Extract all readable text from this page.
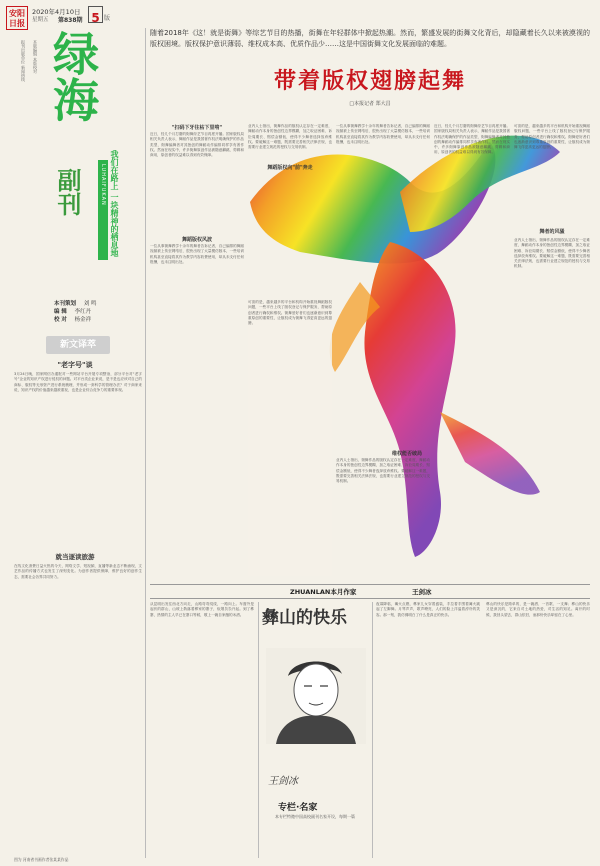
安阳日报
2020年4月10日
星期五 第838期 5 版
报刊出版单位 新闻热线
本版编辑 本版校对 绿海
副刊	LUHAIFUKAN 我们在路上 一块精神的栖息地
本刊策划 刘 鸣
编 辑 李红丹
校 对 杨金祥
新文译萃
"老字号"谈
3月24日晚，国家网信办通报对一些网站平台开展专项整治，部分平台对“老字号”企业的知识产权进行侵权的问题。对平台类企业来说，是不是也应该对自己的商标、版权等无形资产进行系统梳理，并形成一套科学的管理办法？对于商家来说，知识产权的价值越来越被重视，也是企业综合竞争力的重要体现。
就当逐读旅游
在线文化消费日益火热的今天，网络文学、短视频、直播等新业态不断涌现，文艺作品的传播方式也发生了深刻变化。为创作者提供保障，维护良好的创作生态，需要社会各界共同努力。
图为 河南省书画作者张某某作品
随着2018年《这！就是街舞》等综艺节目的热播，街舞在年轻群体中掀起热潮。然而，繁盛发展的街舞文化背后，却隐藏着长久以来被漠视的版权困境。版权保护意识薄弱、维权成本高、优质作品少……这是中国街舞文化发展面临的难题。
带着版权翅膀起舞
□本报记者 郑大昌
"扫码下牙往枯下里啃"
近日，经几个月打磨的街舞综艺节目再度开播。国家版权局相关负责人表示，舞蹈作品是我国著作权法明确保护的作品类型，街舞编舞者对其独创的舞蹈动作编排同样享有著作权。然而在现实中，许多街舞原创作品被随意翻跳、剪辑和商用，原创者的权益难以得到有效保障。
舞蹈版权风波
一位从事街舞教学十余年的舞者告诉记者，自己编排的舞蹈视频被上传至网络后，很快出现了大量模仿版本，一些培训机构甚至直接将其作为教学内容收费使用，却从未支付任何报酬，也未注明出处。
业内人士指出，街舞作品的版权认定存在一定难度，舞蹈动作本身的独创性边界模糊，加之取证困难、诉讼周期长、赔偿金额低，使得不少舞者选择放弃维权。要破解这一难题，既需要完善相关法律法规，也需要行业建立规范的授权与交易机制。
舞蹈版权向"前"奔走
可喜的是，越来越多的平台和机构开始重视舞蹈版权问题，一些平台上线了版权登记与保护服务，帮助原创者进行确权和维权。街舞爱好者们也逐渐意识到尊重原创的重要性，让版权成为街舞飞得更高更远的翅膀。
一位从事街舞教学十余年的舞者告诉记者，自己编排的舞蹈视频被上传至网络后，很快出现了大量模仿版本，一些培训机构甚至直接将其作为教学内容收费使用，却从未支付任何报酬，也未注明出处。
维权能否破局
业内人士指出，街舞作品的版权认定存在一定难度，舞蹈动作本身的独创性边界模糊，加之取证困难、诉讼周期长、赔偿金额低，使得不少舞者选择放弃维权。要破解这一难题，既需要完善相关法律法规，也需要行业建立规范的授权与交易机制。
近日，经几个月打磨的街舞综艺节目再度开播。国家版权局相关负责人表示，舞蹈作品是我国著作权法明确保护的作品类型，街舞编舞者对其独创的舞蹈动作编排同样享有著作权。然而在现实中，许多街舞原创作品被随意翻跳、剪辑和商用，原创者的权益难以得到有效保障。
可喜的是，越来越多的平台和机构开始重视舞蹈版权问题，一些平台上线了版权登记与保护服务，帮助原创者进行确权和维权。街舞爱好者们也逐渐意识到尊重原创的重要性，让版权成为街舞飞得更高更远的翅膀。
舞者的风骚
业内人士指出，街舞作品的版权认定存在一定难度，舞蹈动作本身的独创性边界模糊，加之取证困难、诉讼周期长、赔偿金额低，使得不少舞者选择放弃维权。要破解这一难题，既需要完善相关法律法规，也需要行业建立规范的授权与交易机制。
ZHUANLAN本月作家	王剑冰
从昆明出发往西北方向走，山路弯弯绕绕，一路向上。车窗外是起伏的群山，山坡上散落着彝家的寨子，炊烟袅袅升起。到了彝寨，热情的主人早已在寨口等候，敬上一碗自家酿的米酒。	彝山的快乐
专栏·名家
本专栏特邀中国高校副刊名家开设，每期一篇
王剑冰
夜幕降临，篝火点燃，彝家儿女穿着盛装，手拉着手围着篝火跳起了左脚舞。月琴声声，歌声嘹亮，人们的脸上洋溢着淳朴的笑容。那一刻，我仿佛明白了什么是真正的快乐。
彝山的快乐是简单的，是一碗酒、一首歌、一支舞；彝山的快乐又是深沉的，它来自对土地的热爱，对生活的知足。离开的时候，我回头望去，群山依旧，而那份快乐却留在了心里。
